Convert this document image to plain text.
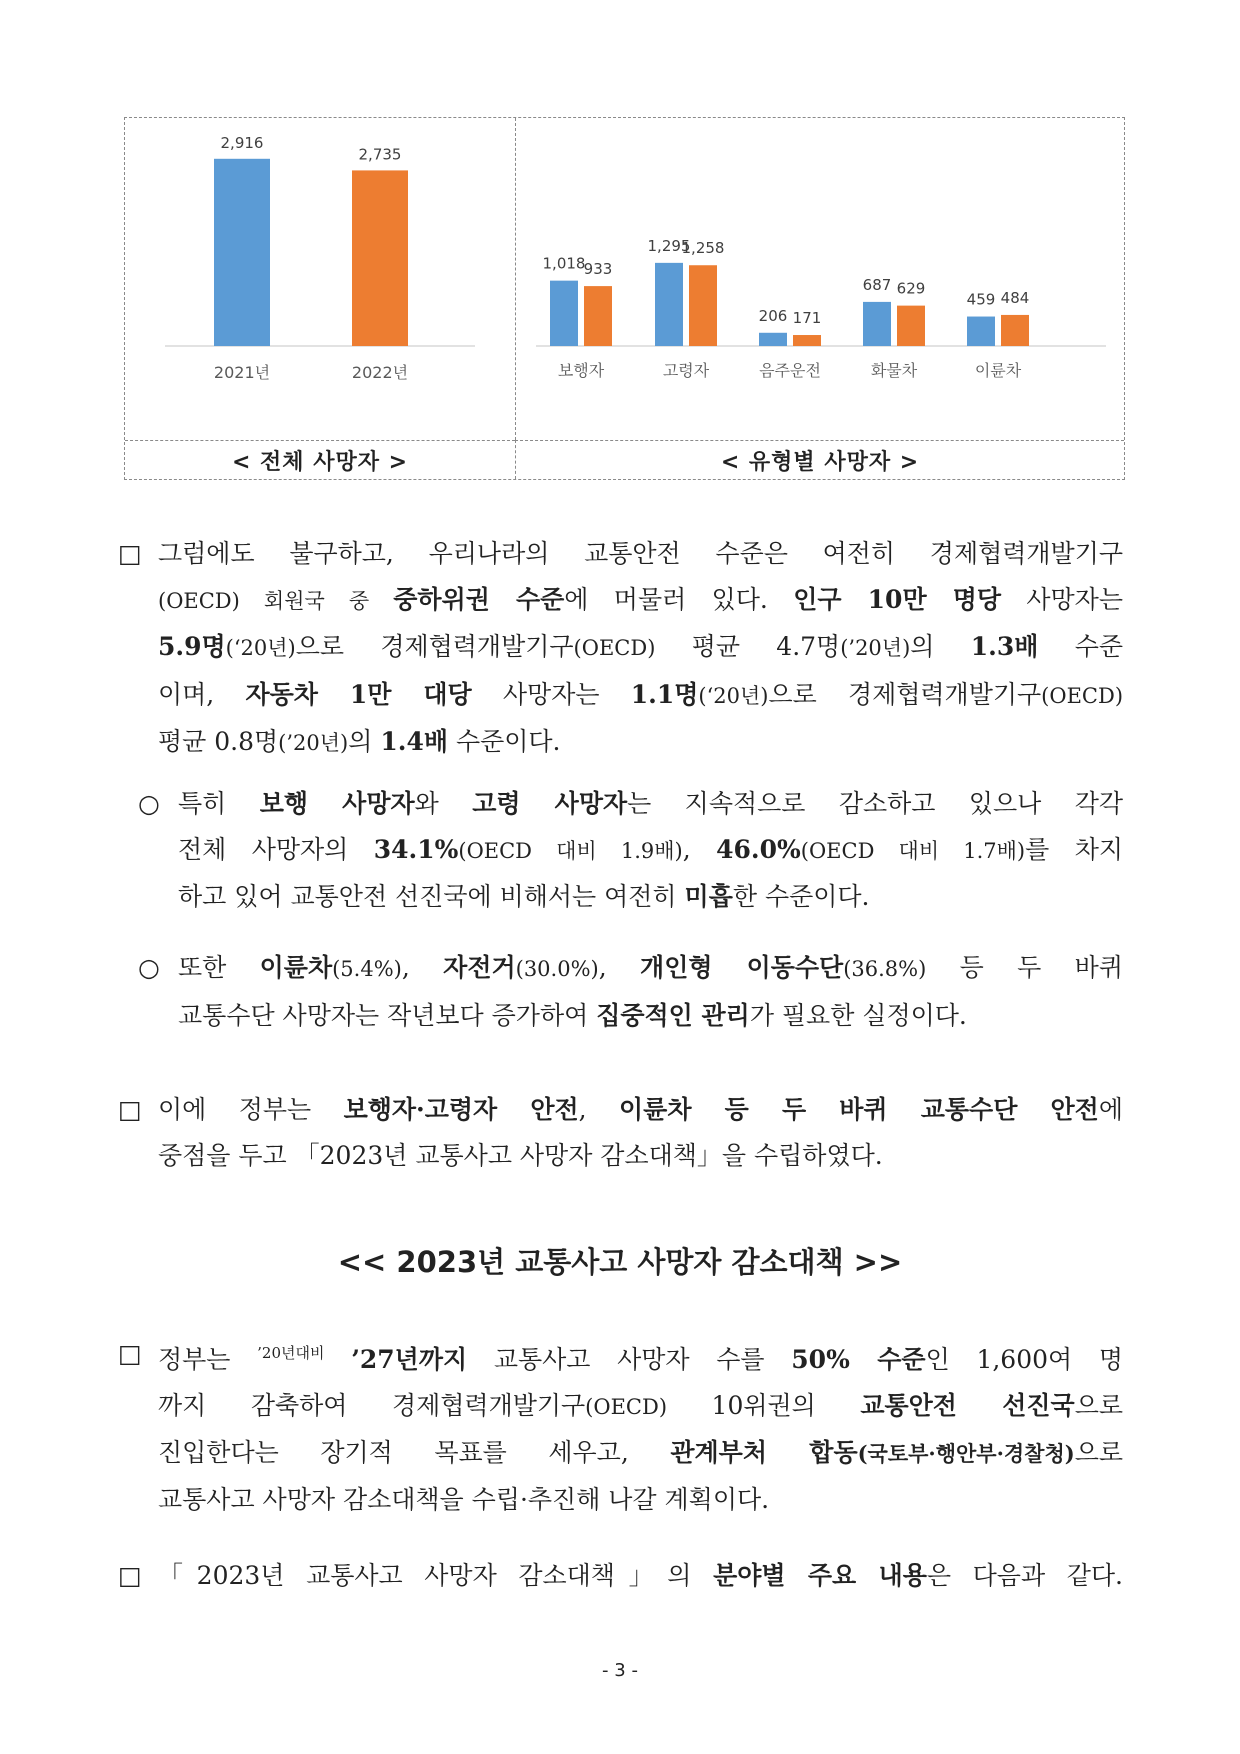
2,916
2021년
2,735
2022년
1,018
933
보행자
1,295
1,258
고령자
206 171
음주운전
687 629
화물차
459 484
이륜차
< 전체 사망자 >	< 유형별 사망자 >
□ 그럼에도 불구하고, 우리나라의 교통안전 수준은 여전히 경제협력개발기구
(OECD) 회원국 중 중하위권 수준에 머물러 있다. 인구 10만 명당 사망자는
5.9명(‘20년)으로 경제협력개발기구(OECD) 평균 4.7명(’20년)의 1.3배 수준
이며, 자동차 1만 대당 사망자는 1.1명(‘20년)으로 경제협력개발기구(OECD)
평균 0.8명(’20년)의 1.4배 수준이다.
○ 특히 보행 사망자와 고령 사망자는 지속적으로 감소하고 있으나 각각
전체 사망자의 34.1%(OECD 대비 1.9배), 46.0%(OECD 대비 1.7배)를 차지
하고 있어 교통안전 선진국에 비해서는 여전히 미흡한 수준이다.
○ 또한 이륜차(5.4%), 자전거(30.0%), 개인형 이동수단(36.8%) 등 두 바퀴
교통수단 사망자는 작년보다 증가하여 집중적인 관리가 필요한 실정이다.
□ 이에 정부는 보행자·고령자 안전, 이륜차 등 두 바퀴 교통수단 안전에
중점을 두고 「2023년 교통사고 사망자 감소대책」을 수립하였다.
<< 2023년 교통사고 사망자 감소대책 >>
□ 정부는 $^{’20년대비}$ ’27년까지 교통사고 사망자 수를 50% 수준인 1,600여 명
까지 감축하여 경제협력개발기구(OECD) 10위권의 교통안전 선진국으로
진입한다는 장기적 목표를 세우고, 관계부처 합동(국토부·행안부·경찰청)으로
교통사고 사망자 감소대책을 수립·추진해 나갈 계획이다.
□ 「2023년 교통사고 사망자 감소대책」의 분야별 주요 내용은 다음과 같다.
- 3 -
